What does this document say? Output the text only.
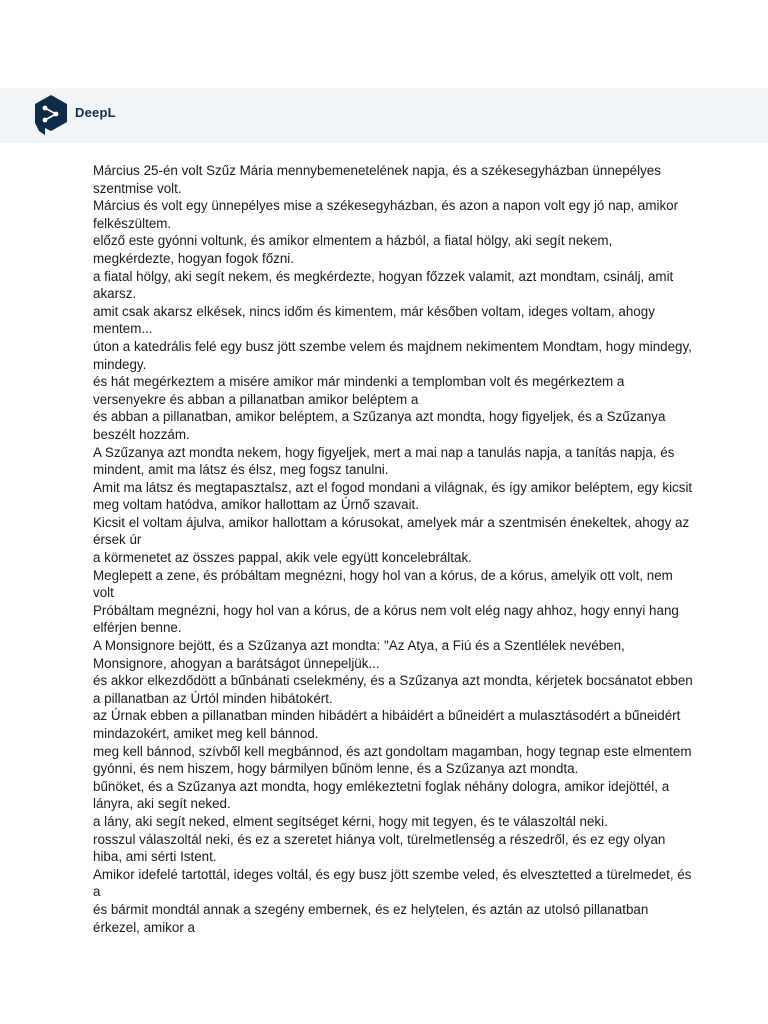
DeepL

Március 25-én volt Szűz Mária mennybemenetelének napja, és a székesegyházban ünnepélyes szentmise volt.

Március és volt egy ünnepélyes mise a székesegyházban, és azon a napon volt egy jó nap, amikor felkészültem.

előző este gyónni voltunk, és amikor elmentem a házból, a fiatal hölgy, aki segít nekem, megkérdezte, hogyan fogok főzni.

a fiatal hölgy, aki segít nekem, és megkérdezte, hogyan főzzek valamit, azt mondtam, csinálj, amit akarsz.

amit csak akarsz elkések, nincs időm és kimentem, már későben voltam, ideges voltam, ahogy mentem...

úton a katedrális felé egy busz jött szembe velem és majdnem nekimentem Mondtam, hogy mindegy, mindegy.

és hát megérkeztem a misére amikor már mindenki a templomban volt és megérkeztem a versenyekre és abban a pillanatban amikor beléptem a

és abban a pillanatban, amikor beléptem, a Szűzanya azt mondta, hogy figyeljek, és a Szűzanya beszélt hozzám.

A Szűzanya azt mondta nekem, hogy figyeljek, mert a mai nap a tanulás napja, a tanítás napja, és mindent, amit ma látsz és élsz, meg fogsz tanulni.

Amit ma látsz és megtapasztalsz, azt el fogod mondani a világnak, és így amikor beléptem, egy kicsit meg voltam hatódva, amikor hallottam az Úrnő szavait.

Kicsit el voltam ájulva, amikor hallottam a kórusokat, amelyek már a szentmisén énekeltek, ahogy az érsek úr

a körmenetet az összes pappal, akik vele együtt koncelebráltak.

Meglepett a zene, és próbáltam megnézni, hogy hol van a kórus, de a kórus, amelyik ott volt, nem volt

Próbáltam megnézni, hogy hol van a kórus, de a kórus nem volt elég nagy ahhoz, hogy ennyi hang elférjen benne.

A Monsignore bejött, és a Szűzanya azt mondta: "Az Atya, a Fiú és a Szentlélek nevében, Monsignore, ahogyan a barátságot ünnepeljük...

és akkor elkezdődött a bűnbánati cselekmény, és a Szűzanya azt mondta, kérjetek bocsánatot ebben a pillanatban az Úrtól minden hibátokért.

az Úrnak ebben a pillanatban minden hibádért a hibáidért a bűneidért a mulasztásodért a bűneidért mindazokért, amiket meg kell bánnod.

meg kell bánnod, szívből kell megbánnod, és azt gondoltam magamban, hogy tegnap este elmentem gyónni, és nem hiszem, hogy bármilyen bűnöm lenne, és a Szűzanya azt mondta.

bűnöket, és a Szűzanya azt mondta, hogy emlékeztetni foglak néhány dologra, amikor idejöttél, a lányra, aki segít neked.

a lány, aki segít neked, elment segítséget kérni, hogy mit tegyen, és te válaszoltál neki.

rosszul válaszoltál neki, és ez a szeretet hiánya volt, türelmetlenség a részedről, és ez egy olyan hiba, ami sérti Istent.

Amikor idefelé tartottál, ideges voltál, és egy busz jött szembe veled, és elvesztetted a türelmedet, és a

és bármit mondtál annak a szegény embernek, és ez helytelen, és aztán az utolsó pillanatban érkezel, amikor a
